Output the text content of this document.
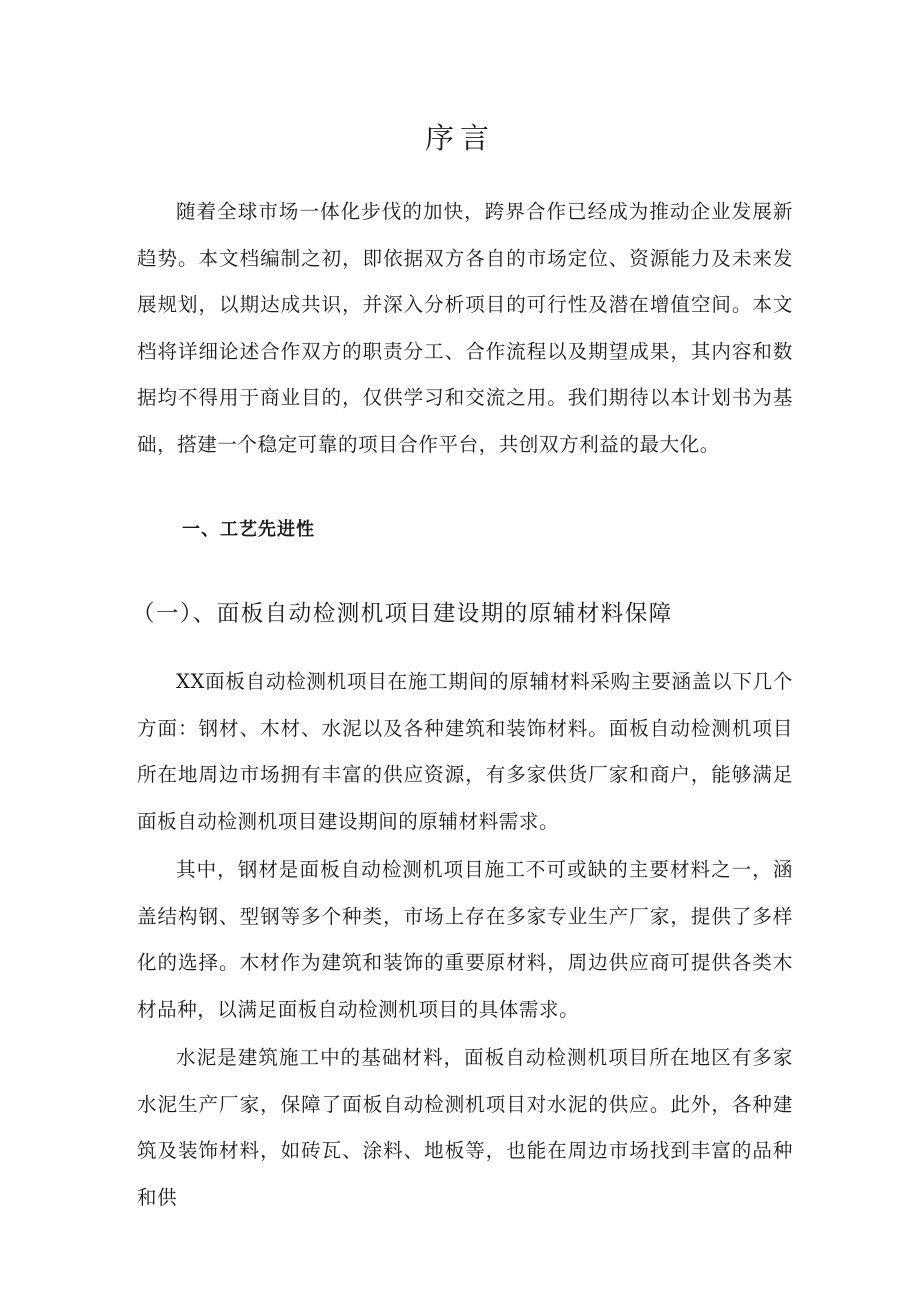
序言

随着全球市场一体化步伐的加快，跨界合作已经成为推动企业发展新趋势。本文档编制之初，即依据双方各自的市场定位、资源能力及未来发展规划，以期达成共识，并深入分析项目的可行性及潜在增值空间。本文档将详细论述合作双方的职责分工、合作流程以及期望成果，其内容和数据均不得用于商业目的，仅供学习和交流之用。我们期待以本计划书为基础，搭建一个稳定可靠的项目合作平台，共创双方利益的最大化。

一、工艺先进性
（一）、面板自动检测机项目建设期的原辅材料保障

XX面板自动检测机项目在施工期间的原辅材料采购主要涵盖以下几个方面：钢材、木材、水泥以及各种建筑和装饰材料。面板自动检测机项目所在地周边市场拥有丰富的供应资源，有多家供货厂家和商户，能够满足面板自动检测机项目建设期间的原辅材料需求。

其中，钢材是面板自动检测机项目施工不可或缺的主要材料之一，涵盖结构钢、型钢等多个种类，市场上存在多家专业生产厂家，提供了多样化的选择。木材作为建筑和装饰的重要原材料，周边供应商可提供各类木材品种，以满足面板自动检测机项目的具体需求。

水泥是建筑施工中的基础材料，面板自动检测机项目所在地区有多家水泥生产厂家，保障了面板自动检测机项目对水泥的供应。此外，各种建筑及装饰材料，如砖瓦、涂料、地板等，也能在周边市场找到丰富的品种和供
